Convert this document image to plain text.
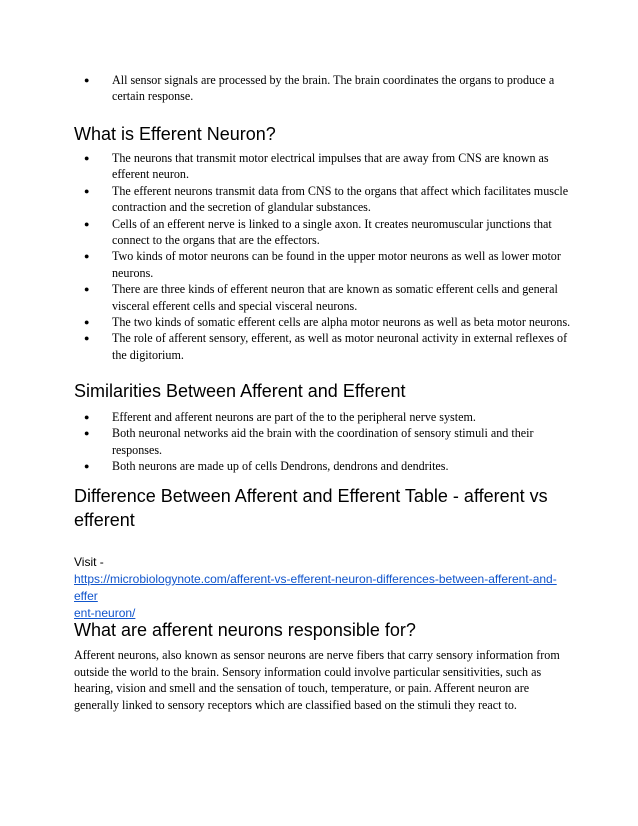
● All sensor signals are processed by the brain. The brain coordinates the organs to produce a certain response.
What is Efferent Neuron?
● The neurons that transmit motor electrical impulses that are away from CNS are known as efferent neuron.
● The efferent neurons transmit data from CNS to the organs that affect which facilitates muscle contraction and the secretion of glandular substances.
● Cells of an efferent nerve is linked to a single axon. It creates neuromuscular junctions that connect to the organs that are the effectors.
● Two kinds of motor neurons can be found in the upper motor neurons as well as lower motor neurons.
● There are three kinds of efferent neuron that are known as somatic efferent cells and general visceral efferent cells and special visceral neurons.
● The two kinds of somatic efferent cells are alpha motor neurons as well as beta motor neurons.
● The role of afferent sensory, efferent, as well as motor neuronal activity in external reflexes of the digitorium.
Similarities Between Afferent and Efferent
● Efferent and afferent neurons are part of the to the peripheral nerve system.
● Both neuronal networks aid the brain with the coordination of sensory stimuli and their responses.
● Both neurons are made up of cells Dendrons, dendrons and dendrites.
Difference Between Afferent and Efferent Table - afferent vs
efferent
Visit -
https://microbiologynote.com/afferent-vs-efferent-neuron-differences-between-afferent-and-effer
ent-neuron/
What are afferent neurons responsible for?

Afferent neurons, also known as sensor neurons are nerve fibers that carry sensory information from outside the world to the brain. Sensory information could involve particular sensitivities, such as hearing, vision and smell and the sensation of touch, temperature, or pain. Afferent neuron are generally linked to sensory receptors which are classified based on the stimuli they react to.
